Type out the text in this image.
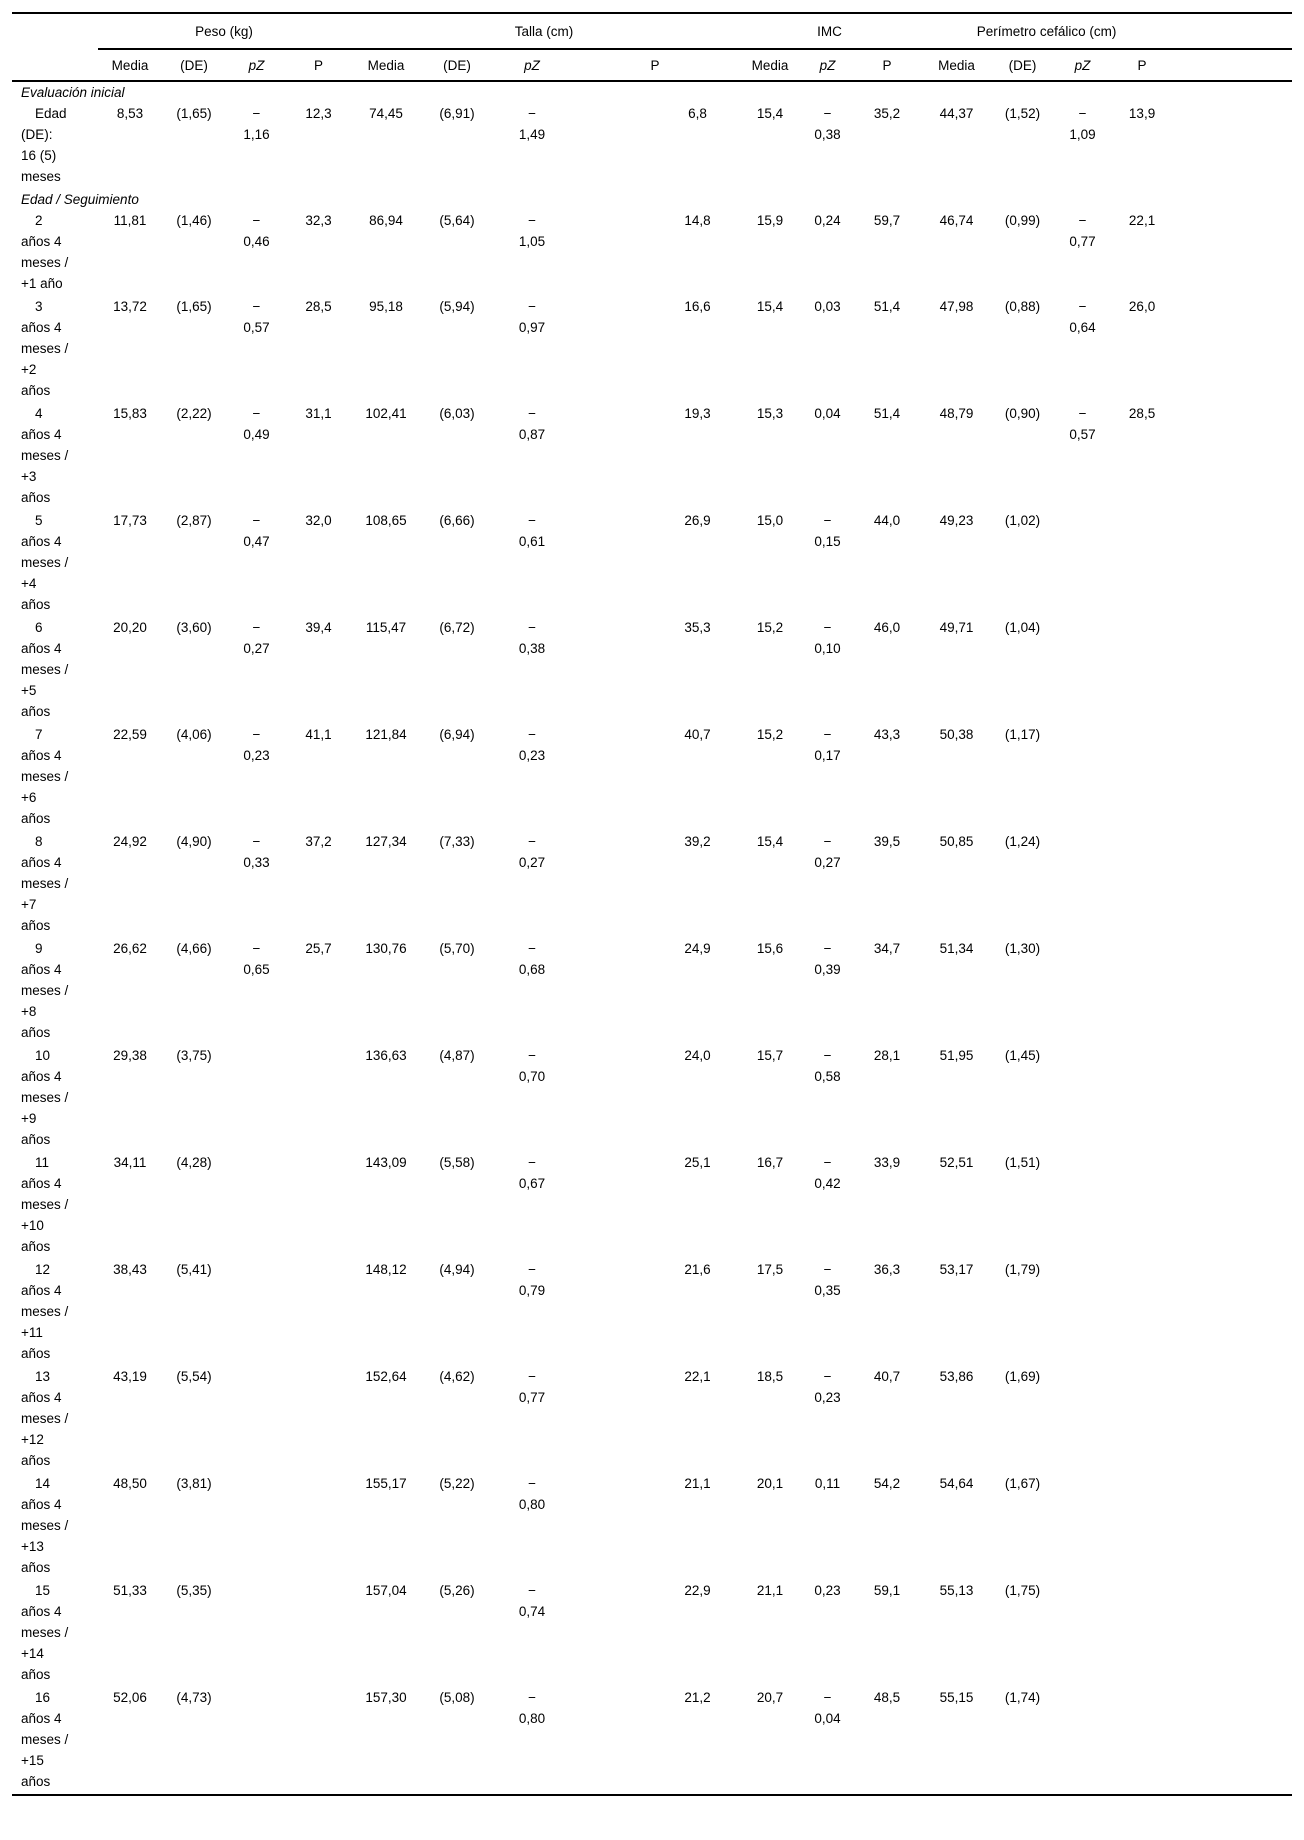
	Peso (kg)				Talla (cm)				IMC			Perímetro cefálico (cm)				
	Media	(DE)	pZ	P	Media	(DE)	pZ	P	Media	pZ	P	Media	(DE)	pZ	P	
Evaluación inicial																

Edad (DE): 16 (5) meses	8,53	(1,65)	− 1,16	12,3	74,45	(6,91)	− 1,49	6,8	15,4	− 0,38	35,2	44,37	(1,52)	− 1,09	13,9	
Edad / Seguimiento																

2 años 4 meses / +1 año	11,81	(1,46)	− 0,46	32,3	86,94	(5,64)	− 1,05	14,8	15,9	0,24	59,7	46,74	(0,99)	− 0,77	22,1	

3 años 4 meses / +2 años	13,72	(1,65)	− 0,57	28,5	95,18	(5,94)	− 0,97	16,6	15,4	0,03	51,4	47,98	(0,88)	− 0,64	26,0	

4 años 4 meses / +3 años	15,83	(2,22)	− 0,49	31,1	102,41	(6,03)	− 0,87	19,3	15,3	0,04	51,4	48,79	(0,90)	− 0,57	28,5	

5 años 4 meses / +4 años	17,73	(2,87)	− 0,47	32,0	108,65	(6,66)	− 0,61	26,9	15,0	− 0,15	44,0	49,23	(1,02)			

6 años 4 meses / +5 años	20,20	(3,60)	− 0,27	39,4	115,47	(6,72)	− 0,38	35,3	15,2	− 0,10	46,0	49,71	(1,04)			

7 años 4 meses / +6 años	22,59	(4,06)	− 0,23	41,1	121,84	(6,94)	− 0,23	40,7	15,2	− 0,17	43,3	50,38	(1,17)			

8 años 4 meses / +7 años	24,92	(4,90)	− 0,33	37,2	127,34	(7,33)	− 0,27	39,2	15,4	− 0,27	39,5	50,85	(1,24)			

9 años 4 meses / +8 años	26,62	(4,66)	− 0,65	25,7	130,76	(5,70)	− 0,68	24,9	15,6	− 0,39	34,7	51,34	(1,30)			

10 años 4 meses / +9 años	29,38	(3,75)			136,63	(4,87)	− 0,70	24,0	15,7	− 0,58	28,1	51,95	(1,45)			

11 años 4 meses / +10 años	34,11	(4,28)			143,09	(5,58)	− 0,67	25,1	16,7	− 0,42	33,9	52,51	(1,51)			

12 años 4 meses / +11 años	38,43	(5,41)			148,12	(4,94)	− 0,79	21,6	17,5	− 0,35	36,3	53,17	(1,79)			

13 años 4 meses / +12 años	43,19	(5,54)			152,64	(4,62)	− 0,77	22,1	18,5	− 0,23	40,7	53,86	(1,69)			

14 años 4 meses / +13 años	48,50	(3,81)			155,17	(5,22)	− 0,80	21,1	20,1	0,11	54,2	54,64	(1,67)			

15 años 4 meses / +14 años	51,33	(5,35)			157,04	(5,26)	− 0,74	22,9	21,1	0,23	59,1	55,13	(1,75)			

16 años 4 meses / +15 años	52,06	(4,73)			157,30	(5,08)	− 0,80	21,2	20,7	− 0,04	48,5	55,15	(1,74)			
